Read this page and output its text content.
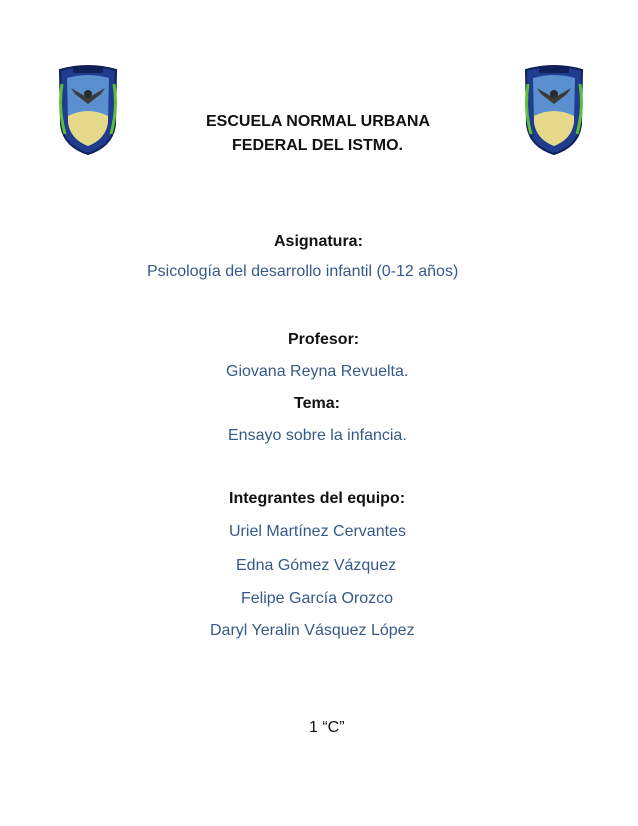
ESCUELA NORMAL URBANA
FEDERAL DEL ISTMO.
Asignatura:
Psicología del desarrollo infantil (0-12 años)
Profesor:
Giovana Reyna Revuelta.
Tema:
Ensayo sobre la infancia.
Integrantes del equipo:
Uriel Martínez Cervantes
Edna Gómez Vázquez
Felipe García Orozco
Daryl Yeralin Vásquez López
1 “C”
